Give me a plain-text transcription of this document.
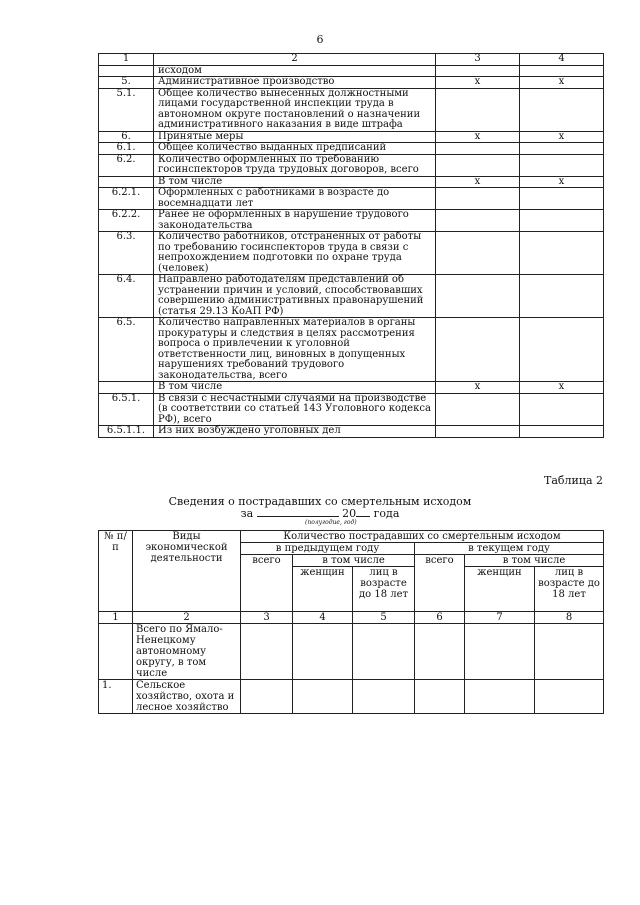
6
1	2	3	4
	исходом		
5.	Административное производство	x	x
5.1.	Общее количество вынесенных должностными лицами государственной инспекции труда в автономном округе постановлений о назначении административного наказания в виде штрафа		
6.	Принятые меры	x	x
6.1.	Общее количество выданных предписаний		
6.2.	Количество оформленных по требованию госинспекторов труда трудовых договоров, всего		
	В том числе	x	x
6.2.1.	Оформленных с работниками в возрасте до восемнадцати лет		
6.2.2.	Ранее не оформленных в нарушение трудового законодательства		
6.3.	Количество работников, отстраненных от работы по требованию госинспекторов труда в связи с непрохождением подготовки по охране труда (человек)		
6.4.	Направлено работодателям представлений об устранении причин и условий, способствовавших совершению административных правонарушений (статья 29.13 КоАП РФ)		
6.5.	Количество направленных материалов в органы прокуратуры и следствия в целях рассмотрения вопроса о привлечении к уголовной ответственности лиц, виновных в допущенных нарушениях требований трудового законодательства, всего		
	В том числе	x	x
6.5.1.	В связи с несчастными случаями на производстве (в соответствии со статьей 143 Уголовного кодекса РФ), всего		
6.5.1.1.	Из них возбуждено уголовных дел		
Таблица 2
Сведения о пострадавших со смертельным исходом
за	20 года
(полугодие, год)
№ п/п	Виды экономической деятельности	Количество пострадавших со смертельным исходом					
		в предыдущем году			в текущем году		
		всего	в том числе		всего	в том числе	
			женщин	лиц в возрасте до 18 лет		женщин	лиц в возрасте до 18 лет
1	2	3	4	5	6	7	8
	Всего по Ямало-Ненецкому автономному округу, в том числе						
1.	Сельское хозяйство, охота и лесное хозяйство						
